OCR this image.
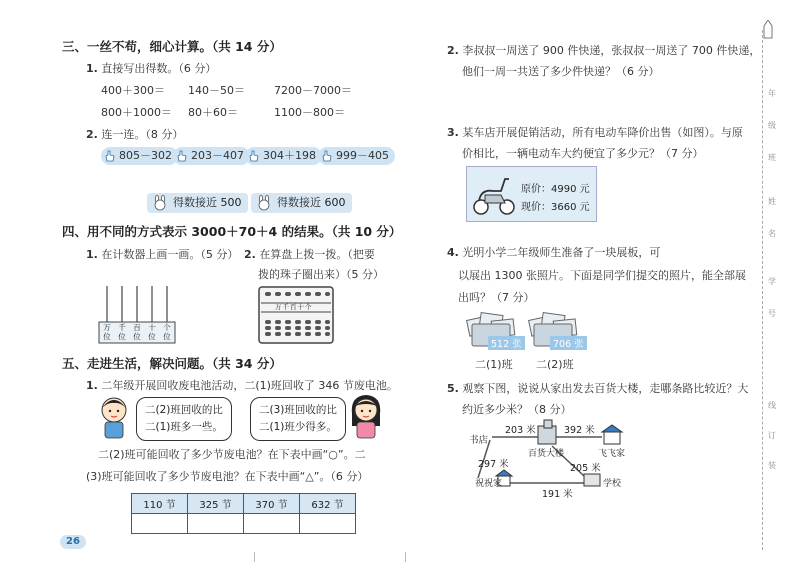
三、一丝不苟，细心计算。（共 14 分）
1. 直接写出得数。（6 分）
400＋300＝ 140－50＝	7200－7000＝
800＋1000＝ 80＋60＝	1100－800＝
2. 连一连。（8 分）
805－302	203－407	304＋198	999－405
得数接近 500	得数接近 600
四、用不同的方式表示 3000＋70＋4 的结果。（共 10 分）
1. 在计数器上画一画。（5 分） 2. 在算盘上拨一拨。（把要
拨的珠子圈出来）（5 分）
万位
千位
百位
十位
个位
万千百十个
五、走进生活，解决问题。（共 34 分）
1. 二年级开展回收废电池活动，二(1)班回收了 346 节废电池。
二(2)班回收的比
二(1)班多一些。
二(3)班回收的比
二(1)班少得多。
二(2)班可能回收了多少节废电池？在下表中画“○”。二
(3)班可能回收了多少节废电池？在下表中画“△”。（6 分）
110 节	325 节	370 节	632 节

26
2. 李叔叔一周送了 900 件快递，张叔叔一周送了 700 件快递，
他们一周一共送了多少件快递？（6 分）
3. 某车店开展促销活动，所有电动车降价出售（如图）。与原
价相比，一辆电动车大约便宜了多少元？（7 分）
原价：4990 元
现价：3660 元
4. 光明小学二年级师生准备了一块展板，可
以展出 1300 张照片。下面是同学们提交的照片，能全部展
出吗？（7 分）
512 张	706 张
二(1)班 二(2)班
5. 观察下图，说说从家出发去百货大楼，走哪条路比较近？大
约近多少米？（8 分）
书店
203 米	392 米
百货大楼	飞飞家
297 米	205 米
祝祝家	学校
191 米
年
级
班
姓
名
学
号
线
订
装
